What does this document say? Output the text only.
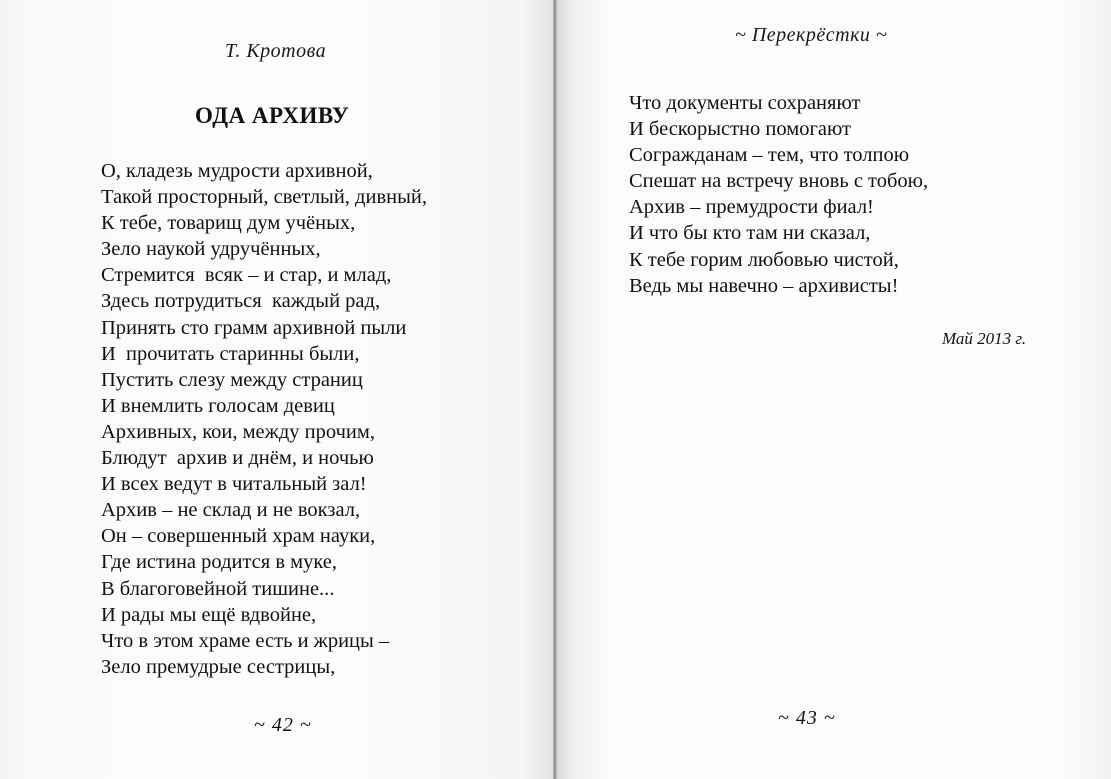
Т. Кротова
ОДА АРХИВУ
О, кладезь мудрости архивной,
Такой просторный, светлый, дивный,
К тебе, товарищ дум учёных,
Зело наукой удручённых,
Стремится  всяк – и стар, и млад,
Здесь потрудиться  каждый рад,
Принять сто грамм архивной пыли
И  прочитать старинны были,
Пустить слезу между страниц
И внемлить голосам девиц
Архивных, кои, между прочим,
Блюдут  архив и днём, и ночью
И всех ведут в читальный зал!
Архив – не склад и не вокзал,
Он – совершенный храм науки,
Где истина родится в муке,
В благоговейной тишине...
И рады мы ещё вдвойне,
Что в этом храме есть и жрицы –
Зело премудрые сестрицы,
~ 42 ~
~ Перекрёстки ~
Что документы сохраняют
И бескорыстно помогают
Согражданам – тем, что толпою
Спешат на встречу вновь с тобою,
Архив – премудрости фиал!
И что бы кто там ни сказал,
К тебе горим любовью чистой,
Ведь мы навечно – архивисты!
Май 2013 г.
~ 43 ~
